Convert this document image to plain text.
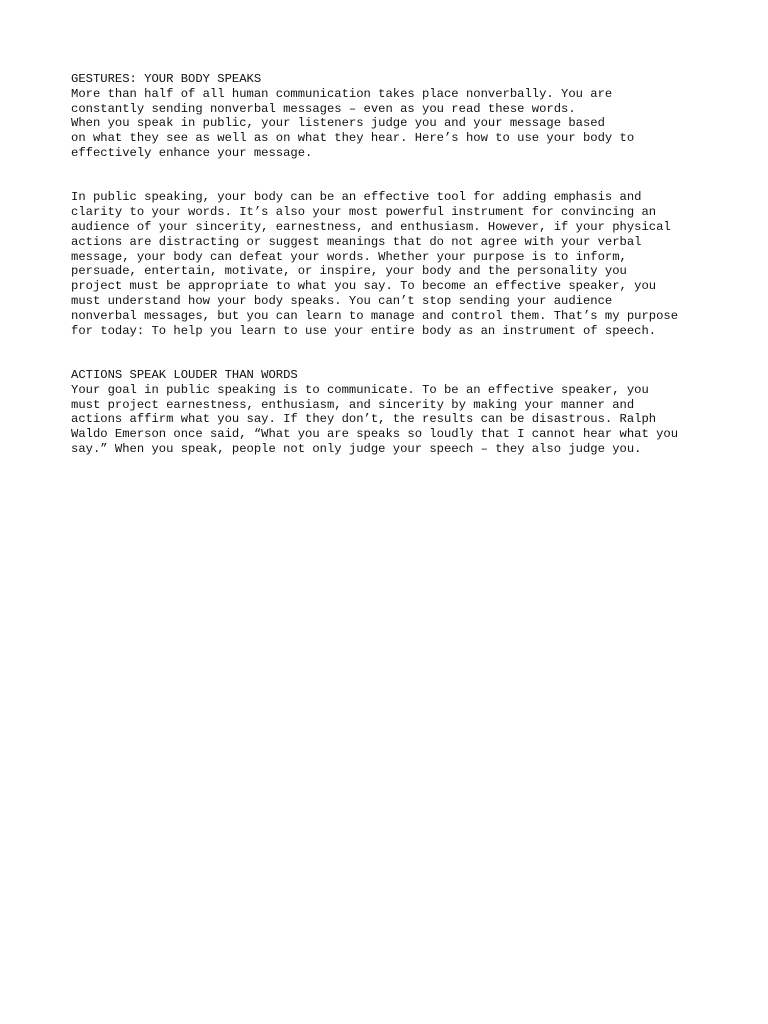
GESTURES: YOUR BODY SPEAKS
More than half of all human communication takes place nonverbally. You are
constantly sending nonverbal messages – even as you read these words.
When you speak in public, your listeners judge you and your message based
on what they see as well as on what they hear. Here’s how to use your body to
effectively enhance your message.
In public speaking, your body can be an effective tool for adding emphasis and
clarity to your words. It’s also your most powerful instrument for convincing an
audience of your sincerity, earnestness, and enthusiasm. However, if your physical
actions are distracting or suggest meanings that do not agree with your verbal
message, your body can defeat your words. Whether your purpose is to inform,
persuade, entertain, motivate, or inspire, your body and the personality you
project must be appropriate to what you say. To become an effective speaker, you
must understand how your body speaks. You can’t stop sending your audience
nonverbal messages, but you can learn to manage and control them. That’s my purpose
for today: To help you learn to use your entire body as an instrument of speech.
ACTIONS SPEAK LOUDER THAN WORDS
Your goal in public speaking is to communicate. To be an effective speaker, you
must project earnestness, enthusiasm, and sincerity by making your manner and
actions affirm what you say. If they don’t, the results can be disastrous. Ralph
Waldo Emerson once said, “What you are speaks so loudly that I cannot hear what you
say.” When you speak, people not only judge your speech – they also judge you.
